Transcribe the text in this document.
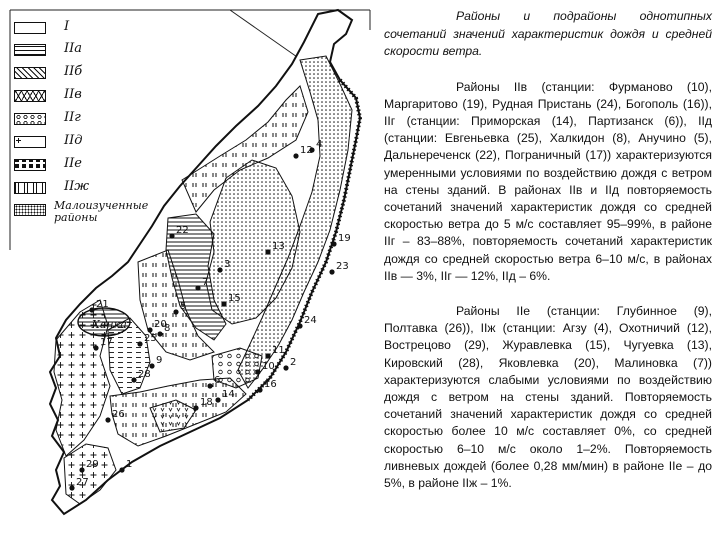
Ханка
1
2
3
4
5
6
7
8
9
10
11
12
13
14
15
16
17
18
19
20
21
22
23
24
25
26
27
28
29
I
IIа
IIб
IIв
IIг
IIд
IIе
IIж
Малоизученные районы

Районы и подрайоны однотипных сочетаний значений характеристик дождя и средней скорости ветра.

Районы IIв (станции: Фурманово (10), Маргаритово (19), Рудная Пристань (24), Богополь (16)), IIг (станции: Приморская (14), Партизанск (6)), IIд (станции: Евгеньевка (25), Халкидон (8), Анучино (5), Дальнереченск (22), Пограничный (17)) характеризуются умеренными условиями по воздействию дождя с ветром на стены зданий. В районах IIв и IIд повторяемость сочетаний значений характеристик дождя со средней скоростью ветра до 5 м/с составляет 95–99%, в районе IIг – 83–88%, повторяемость сочетаний характеристик дождя со средней скоростью ветра 6–10 м/с, в районах IIв — 3%, IIг — 12%, IIд – 6%.

Районы IIе (станции: Глубинное (9), Полтавка (26)), IIж (станции: Агзу (4), Охотничий (12), Вострецово (29), Журавлевка (15), Чугуевка (13), Кировский (28), Яковлевка (20), Малиновка (7)) характеризуются слабыми условиями по воздействию дождя с ветром на стены зданий. Повторяемость сочетаний значений характеристик дождя со средней скоростью более 10 м/с составляет 0%, со средней скоростью 6–10 м/с около 1–2%. Повторяемость ливневых дождей (более 0,28 мм/мин) в районе IIе – до 5%, в районе IIж – 1%.
